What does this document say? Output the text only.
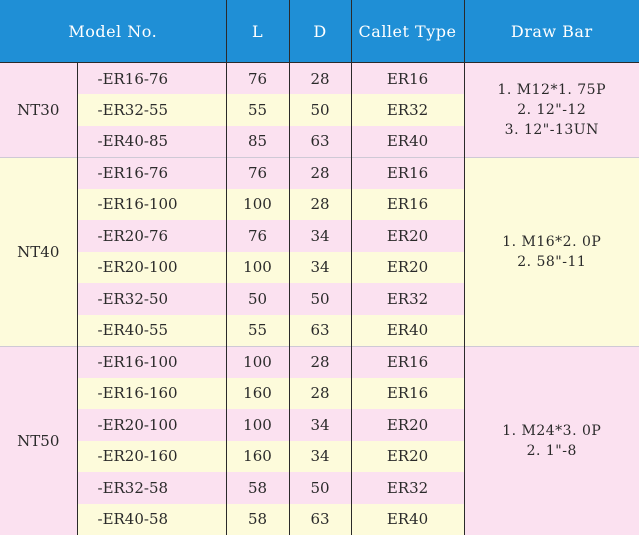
Model No.		L	D	Callet Type	Draw Bar
NT30	-ER16-76	76	28	ER16	1. M12*1. 75P
2. 12"-12
3. 12"-13UN

	-ER32-55	55	50	ER32	
	-ER40-85	85	63	ER40	
NT40	-ER16-76	76	28	ER16	1. M16*2. 0P
2. 58"-11

	-ER16-100	100	28	ER16	
	-ER20-76	76	34	ER20	
	-ER20-100	100	34	ER20	
	-ER32-50	50	50	ER32	
	-ER40-55	55	63	ER40	
NT50	-ER16-100	100	28	ER16	1. M24*3. 0P
2. 1"-8

	-ER16-160	160	28	ER16	
	-ER20-100	100	34	ER20	
	-ER20-160	160	34	ER20	
	-ER32-58	58	50	ER32	
	-ER40-58	58	63	ER40	
